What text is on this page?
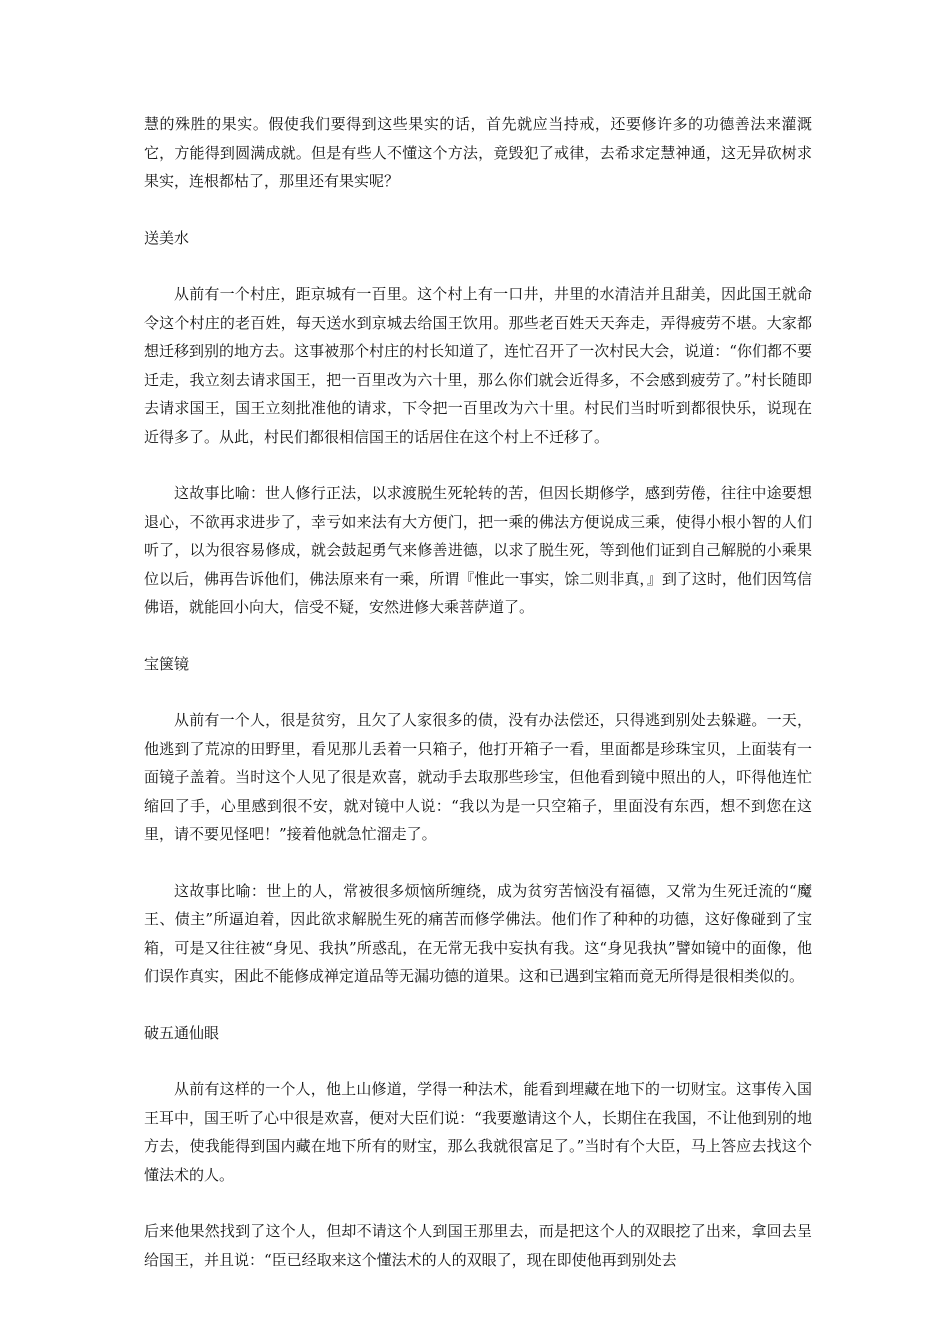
慧的殊胜的果实。假使我们要得到这些果实的话，首先就应当持戒，还要修许多的功德善法来灌溉它，方能得到圆满成就。但是有些人不懂这个方法，竟毁犯了戒律，去希求定慧神通，这无异砍树求果实，连根都枯了，那里还有果实呢？

送美水

从前有一个村庄，距京城有一百里。这个村上有一口井，井里的水清洁并且甜美，因此国王就命令这个村庄的老百姓，每天送水到京城去给国王饮用。那些老百姓天天奔走，弄得疲劳不堪。大家都想迁移到别的地方去。这事被那个村庄的村长知道了，连忙召开了一次村民大会，说道：“你们都不要迁走，我立刻去请求国王，把一百里改为六十里，那么你们就会近得多，不会感到疲劳了。”村长随即去请求国王，国王立刻批准他的请求，下令把一百里改为六十里。村民们当时听到都很快乐，说现在近得多了。从此，村民们都很相信国王的话居住在这个村上不迁移了。

这故事比喻：世人修行正法，以求渡脱生死轮转的苦，但因长期修学，感到劳倦，往往中途要想退心，不欲再求进步了，幸亏如来法有大方便门，把一乘的佛法方便说成三乘，使得小根小智的人们听了，以为很容易修成，就会鼓起勇气来修善进德，以求了脱生死，等到他们证到自己解脱的小乘果位以后，佛再告诉他们，佛法原来有一乘，所谓『惟此一事实，馀二则非真，』到了这时，他们因笃信佛语，就能回小向大，信受不疑，安然进修大乘菩萨道了。

宝箧镜

从前有一个人，很是贫穷，且欠了人家很多的债，没有办法偿还，只得逃到别处去躲避。一天，他逃到了荒凉的田野里，看见那儿丢着一只箱子，他打开箱子一看，里面都是珍珠宝贝，上面装有一面镜子盖着。当时这个人见了很是欢喜，就动手去取那些珍宝，但他看到镜中照出的人，吓得他连忙缩回了手，心里感到很不安，就对镜中人说：“我以为是一只空箱子，里面没有东西，想不到您在这里，请不要见怪吧！”接着他就急忙溜走了。

这故事比喻：世上的人，常被很多烦恼所缠绕，成为贫穷苦恼没有福德，又常为生死迁流的“魔王、债主”所逼迫着，因此欲求解脱生死的痛苦而修学佛法。他们作了种种的功德，这好像碰到了宝箱，可是又往往被“身见、我执”所惑乱，在无常无我中妄执有我。这“身见我执”譬如镜中的面像，他们误作真实，困此不能修成禅定道品等无漏功德的道果。这和已遇到宝箱而竟无所得是很相类似的。

破五通仙眼

从前有这样的一个人，他上山修道，学得一种法术，能看到埋藏在地下的一切财宝。这事传入国王耳中，国王听了心中很是欢喜，便对大臣们说：“我要邀请这个人，长期住在我国，不让他到别的地方去，使我能得到国内藏在地下所有的财宝，那么我就很富足了。”当时有个大臣，马上答应去找这个懂法术的人。

后来他果然找到了这个人，但却不请这个人到国王那里去，而是把这个人的双眼挖了出来，拿回去呈给国王，并且说：“臣已经取来这个懂法术的人的双眼了，现在即使他再到别处去
